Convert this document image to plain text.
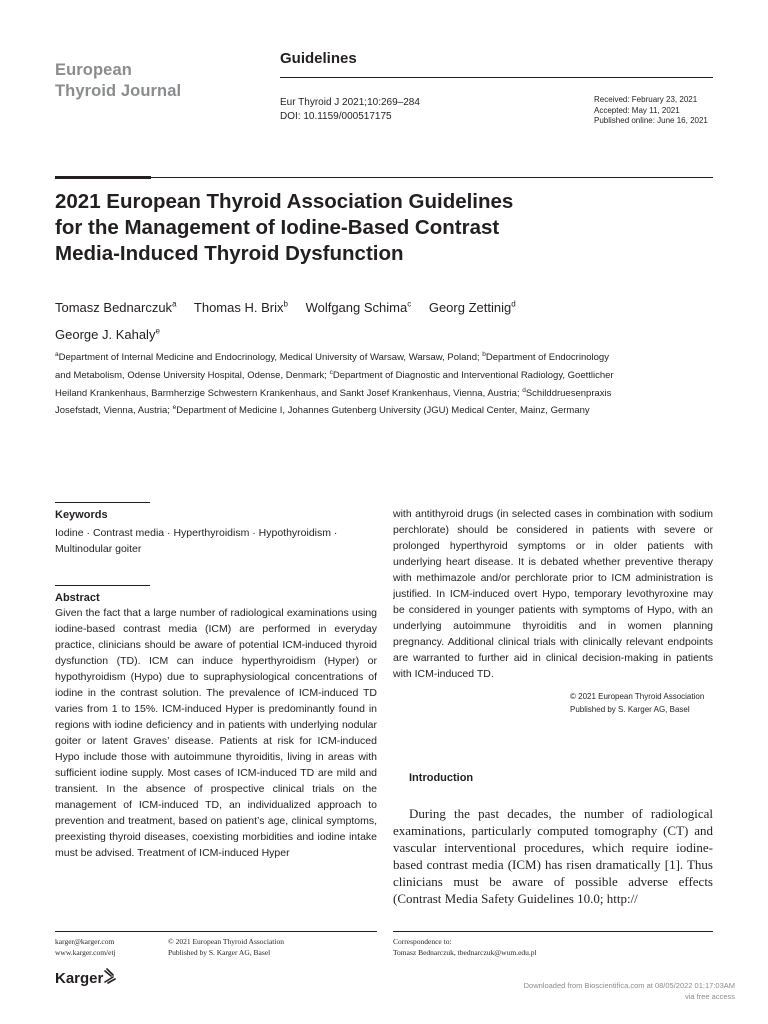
European
Thyroid Journal
Guidelines
Eur Thyroid J 2021;10:269–284
DOI: 10.1159/000517175
Received: February 23, 2021
Accepted: May 11, 2021
Published online: June 16, 2021
2021 European Thyroid Association Guidelines
for the Management of Iodine-Based Contrast
Media-Induced Thyroid Dysfunction
Tomasz Bednarczuk$^a$ Thomas H. Brix$^b$ Wolfgang Schima$^c$ Georg Zettinig$^d$
George J. Kahaly$^e$
$^a$Department of Internal Medicine and Endocrinology, Medical University of Warsaw, Warsaw, Poland; $^b$Department of Endocrinology and Metabolism, Odense University Hospital, Odense, Denmark; $^c$Department of Diagnostic and Interventional Radiology, Goettlicher Heiland Krankenhaus, Barmherzige Schwestern Krankenhaus, and Sankt Josef Krankenhaus, Vienna, Austria; $^d$Schilddruesenpraxis Josefstadt, Vienna, Austria; $^e$Department of Medicine I, Johannes Gutenberg University (JGU) Medical Center, Mainz, Germany
Keywords
Iodine · Contrast media · Hyperthyroidism · Hypothyroidism · Multinodular goiter
Abstract
Given the fact that a large number of radiological examinations using iodine-based contrast media (ICM) are performed in everyday practice, clinicians should be aware of potential ICM-induced thyroid dysfunction (TD). ICM can induce hyperthyroidism (Hyper) or hypothyroidism (Hypo) due to supraphysiological concentrations of iodine in the contrast solution. The prevalence of ICM-induced TD varies from 1 to 15%. ICM-induced Hyper is predominantly found in regions with iodine deficiency and in patients with underlying nodular goiter or latent Graves’ disease. Patients at risk for ICM-induced Hypo include those with autoimmune thyroiditis, living in areas with sufficient iodine supply. Most cases of ICM-induced TD are mild and transient. In the absence of prospective clinical trials on the management of ICM-induced TD, an individualized approach to prevention and treatment, based on patient’s age, clinical symptoms, preexisting thyroid diseases, coexisting morbidities and iodine intake must be advised. Treatment of ICM-induced Hyper
with antithyroid drugs (in selected cases in combination with sodium perchlorate) should be considered in patients with severe or prolonged hyperthyroid symptoms or in older patients with underlying heart disease. It is debated whether preventive therapy with methimazole and/or perchlorate prior to ICM administration is justified. In ICM-induced overt Hypo, temporary levothyroxine may be considered in younger patients with symptoms of Hypo, with an underlying autoimmune thyroiditis and in women planning pregnancy. Additional clinical trials with clinically relevant endpoints are warranted to further aid in clinical decision-making in patients with ICM-induced TD.
© 2021 European Thyroid Association
Published by S. Karger AG, Basel
Introduction
During the past decades, the number of radiological examinations, particularly computed tomography (CT) and vascular interventional procedures, which require iodine-based contrast media (ICM) has risen dramatically [1]. Thus clinicians must be aware of possible adverse effects (Contrast Media Safety Guidelines 10.0; http://
karger@karger.com
www.karger.com/etj
© 2021 European Thyroid Association
Published by S. Karger AG, Basel
Correspondence to:
Tomasz Bednarczuk, tbednarczuk@wum.edu.pl
Karger	Downloaded from Bioscientifica.com at 08/05/2022 01:17:03AM
via free access
